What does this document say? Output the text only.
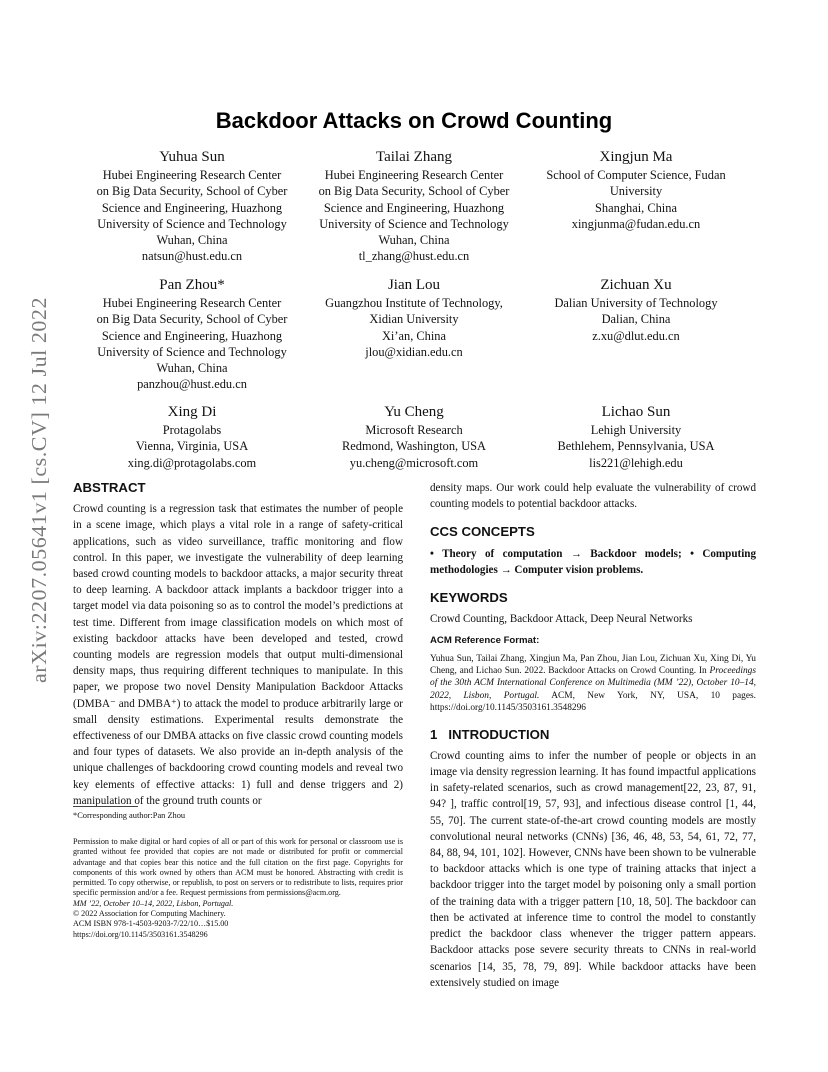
arXiv:2207.05641v1 [cs.CV] 12 Jul 2022
Backdoor Attacks on Crowd Counting
Yuhua Sun
Hubei Engineering Research Center
on Big Data Security, School of Cyber
Science and Engineering, Huazhong
University of Science and Technology
Wuhan, China
natsun@hust.edu.cn
Tailai Zhang
Hubei Engineering Research Center
on Big Data Security, School of Cyber
Science and Engineering, Huazhong
University of Science and Technology
Wuhan, China
tl_zhang@hust.edu.cn
Xingjun Ma
School of Computer Science, Fudan
University
Shanghai, China
xingjunma@fudan.edu.cn
Pan Zhou*
Hubei Engineering Research Center
on Big Data Security, School of Cyber
Science and Engineering, Huazhong
University of Science and Technology
Wuhan, China
panzhou@hust.edu.cn
Jian Lou
Guangzhou Institute of Technology,
Xidian University
Xi’an, China
jlou@xidian.edu.cn
Zichuan Xu
Dalian University of Technology
Dalian, China
z.xu@dlut.edu.cn
Xing Di
Protagolabs
Vienna, Virginia, USA
xing.di@protagolabs.com
Yu Cheng
Microsoft Research
Redmond, Washington, USA
yu.cheng@microsoft.com
Lichao Sun
Lehigh University
Bethlehem, Pennsylvania, USA
lis221@lehigh.edu
ABSTRACT

Crowd counting is a regression task that estimates the number of people in a scene image, which plays a vital role in a range of safety-critical applications, such as video surveillance, traffic monitoring and flow control. In this paper, we investigate the vulnerability of deep learning based crowd counting models to backdoor attacks, a major security threat to deep learning. A backdoor attack implants a backdoor trigger into a target model via data poisoning so as to control the model’s predictions at test time. Different from image classification models on which most of existing backdoor attacks have been developed and tested, crowd counting models are regression models that output multi-dimensional density maps, thus requiring different techniques to manipulate. In this paper, we propose two novel Density Manipulation Backdoor Attacks (DMBA⁻ and DMBA⁺) to attack the model to produce arbitrarily large or small density estimations. Experimental results demonstrate the effectiveness of our DMBA attacks on five classic crowd counting models and four types of datasets. We also provide an in-depth analysis of the unique challenges of backdooring crowd counting models and reveal two key elements of effective attacks: 1) full and dense triggers and 2) manipulation of the ground truth counts or

*Corresponding author:Pan Zhou
Permission to make digital or hard copies of all or part of this work for personal or classroom use is granted without fee provided that copies are not made or distributed for profit or commercial advantage and that copies bear this notice and the full citation on the first page. Copyrights for components of this work owned by others than ACM must be honored. Abstracting with credit is permitted. To copy otherwise, or republish, to post on servers or to redistribute to lists, requires prior specific permission and/or a fee. Request permissions from permissions@acm.org.
MM ’22, October 10–14, 2022, Lisbon, Portugal.
© 2022 Association for Computing Machinery.
ACM ISBN 978-1-4503-9203-7/22/10…$15.00
https://doi.org/10.1145/3503161.3548296

density maps. Our work could help evaluate the vulnerability of crowd counting models to potential backdoor attacks.

CCS CONCEPTS

• Theory of computation → Backdoor models; • Computing methodologies → Computer vision problems.

KEYWORDS

Crowd Counting, Backdoor Attack, Deep Neural Networks

ACM Reference Format:

Yuhua Sun, Tailai Zhang, Xingjun Ma, Pan Zhou, Jian Lou, Zichuan Xu, Xing Di, Yu Cheng, and Lichao Sun. 2022. Backdoor Attacks on Crowd Counting. In Proceedings of the 30th ACM International Conference on Multimedia (MM ’22), October 10–14, 2022, Lisbon, Portugal. ACM, New York, NY, USA, 10 pages. https://doi.org/10.1145/3503161.3548296

1   INTRODUCTION

Crowd counting aims to infer the number of people or objects in an image via density regression learning. It has found impactful applications in safety-related scenarios, such as crowd management[22, 23, 87, 91, 94? ], traffic control[19, 57, 93], and infectious disease control [1, 44, 55, 70]. The current state-of-the-art crowd counting models are mostly convolutional neural networks (CNNs) [36, 46, 48, 53, 54, 61, 72, 77, 84, 88, 94, 101, 102]. However, CNNs have been shown to be vulnerable to backdoor attacks which is one type of training attacks that inject a backdoor trigger into the target model by poisoning only a small portion of the training data with a trigger pattern [10, 18, 50]. The backdoor can then be activated at inference time to control the model to constantly predict the backdoor class whenever the trigger pattern appears. Backdoor attacks pose severe security threats to CNNs in real-world scenarios [14, 35, 78, 79, 89]. While backdoor attacks have been extensively studied on image
